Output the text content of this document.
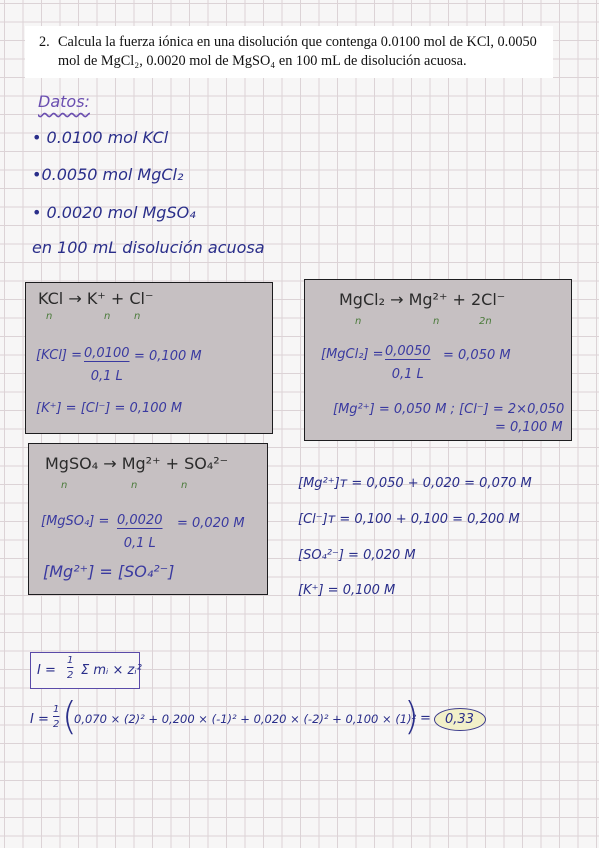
2. Calcula la fuerza iónica en una disolución que contenga 0.0100 mol de KCl, 0.0050
mol de MgCl₂, 0.0020 mol de MgSO₄ en 100 mL de disolución acuosa.
Datos:
• 0.0100 mol KCl
•0.0050 mol MgCl₂
• 0.0020 mol MgSO₄
en 100 mL disolución acuosa
KCl → K⁺ + Cl⁻
n	n n
$[KCl] = \frac{0,0100}{0,1 L} = 0,100$ M
[K⁺] = [Cl⁻] = 0,100 M
MgCl₂ → Mg²⁺ + 2Cl⁻
n	n	2n
[MgCl₂] = $\frac{0,0050}{0,1 L} = 0,050$ M
[Mg²⁺] = 0,050 M ; [Cl⁻] = 2×0,050
= 0,100 M
MgSO₄ → Mg²⁺ + SO₄²⁻
n	n	n
[MgSO₄] = $\frac{0,0020}{0,1 L} = 0,020$ M
[Mg²⁺] = [SO₄²⁻]
[Mg²⁺]ᴛ = 0,050 + 0,020 = 0,070 M
[Cl⁻]ᴛ = 0,100 + 0,100 = 0,200 M
[SO₄²⁻] = 0,020 M
[K⁺] = 0,100 M
$I = \frac{1}{2}$ Σ mᵢ × zᵢ²
$I = \frac{1}{2}$ (
0,070 × (2)² + 0,200 × (-1)² + 0,020 × (-2)² + 0,100 × (1)²
) = 0,33
